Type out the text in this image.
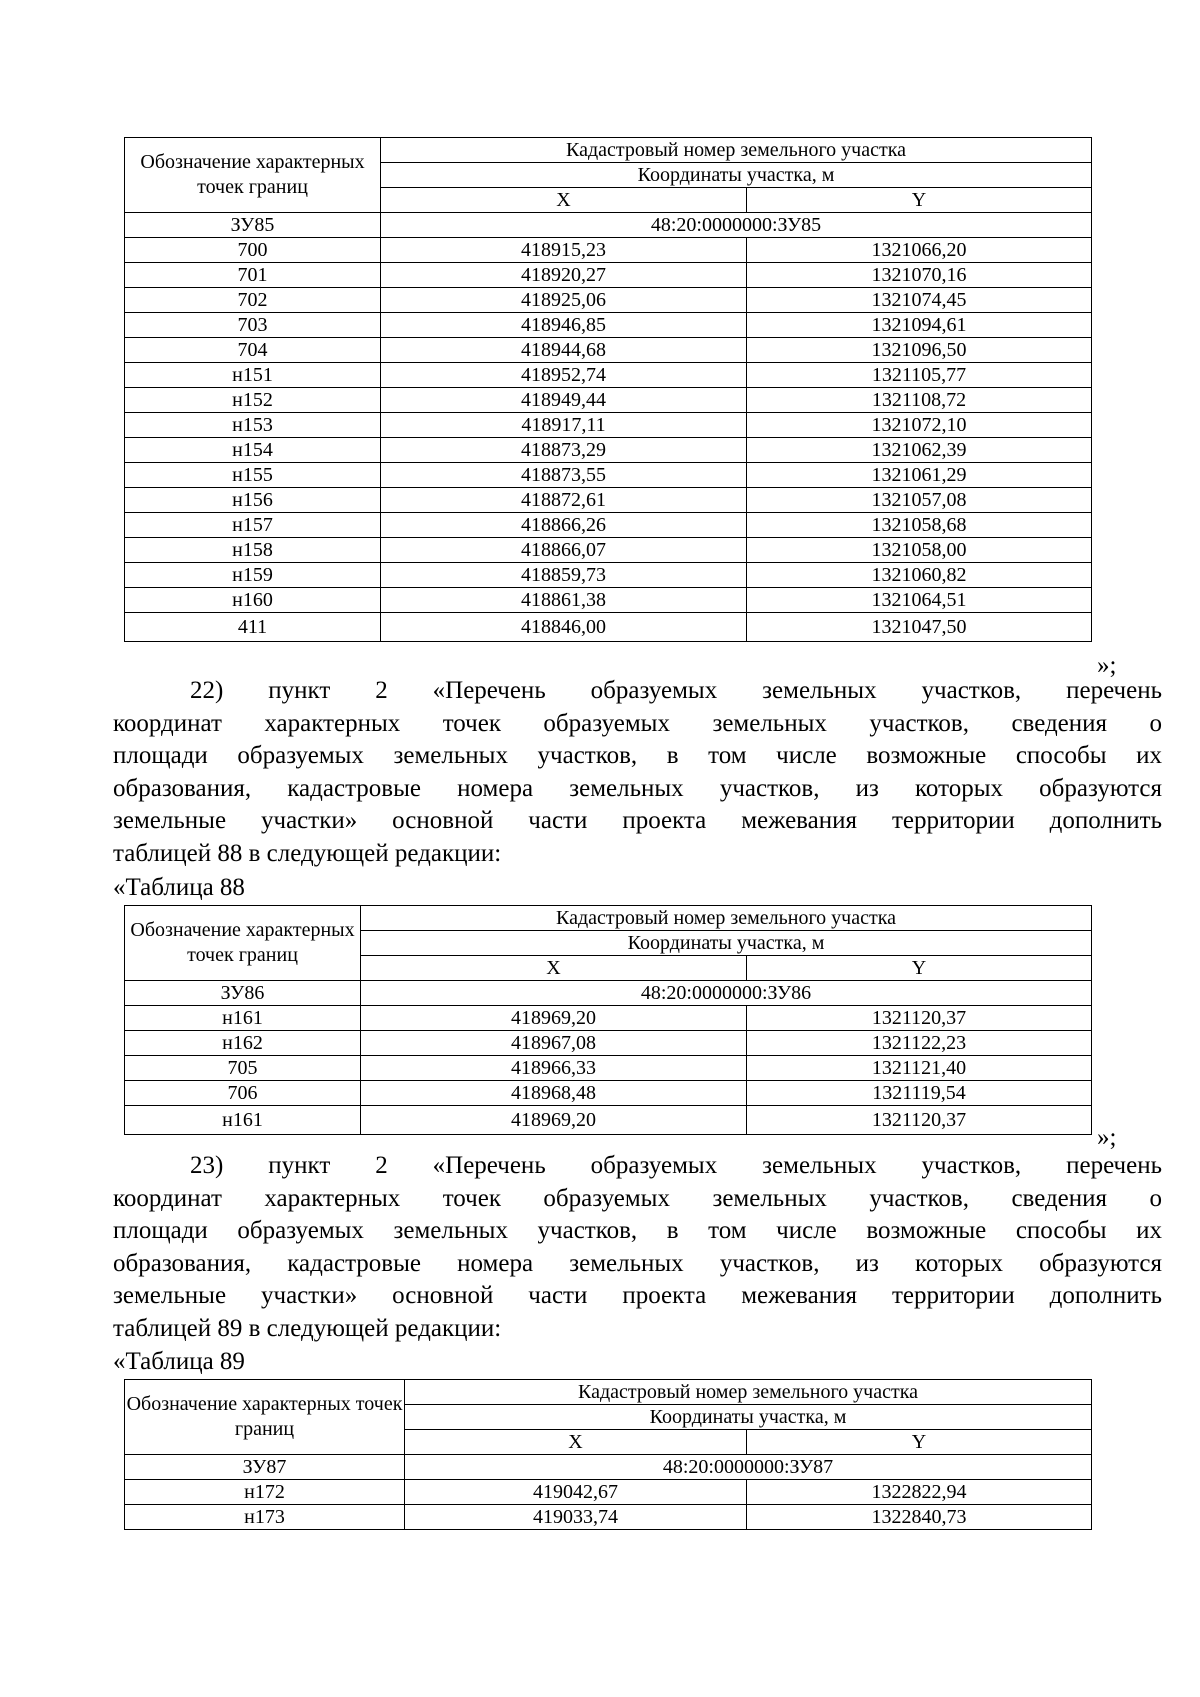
Обозначение характерных точек границ	Кадастровый номер земельного участка	
	Координаты участка, м	
	X	Y
ЗУ85	48:20:0000000:ЗУ85	
700	418915,23	1321066,20
701	418920,27	1321070,16
702	418925,06	1321074,45
703	418946,85	1321094,61
704	418944,68	1321096,50
н151	418952,74	1321105,77
н152	418949,44	1321108,72
н153	418917,11	1321072,10
н154	418873,29	1321062,39
н155	418873,55	1321061,29
н156	418872,61	1321057,08
н157	418866,26	1321058,68
н158	418866,07	1321058,00
н159	418859,73	1321060,82
н160	418861,38	1321064,51
411	418846,00	1321047,50
»;
22) пункт 2 «Перечень образуемых земельных участков, перечень
координат характерных точек образуемых земельных участков, сведения о
площади образуемых земельных участков, в том числе возможные способы их
образования, кадастровые номера земельных участков, из которых образуются
земельные участки» основной части проекта межевания территории дополнить
таблицей 88 в следующей редакции:
«Таблица 88
Обозначение характерных точек границ	Кадастровый номер земельного участка	
	Координаты участка, м	
	X	Y
ЗУ86	48:20:0000000:ЗУ86	
н161	418969,20	1321120,37
н162	418967,08	1321122,23
705	418966,33	1321121,40
706	418968,48	1321119,54
н161	418969,20	1321120,37
»;
23) пункт 2 «Перечень образуемых земельных участков, перечень
координат характерных точек образуемых земельных участков, сведения о
площади образуемых земельных участков, в том числе возможные способы их
образования, кадастровые номера земельных участков, из которых образуются
земельные участки» основной части проекта межевания территории дополнить
таблицей 89 в следующей редакции:
«Таблица 89
Обозначение характерных точек границ	Кадастровый номер земельного участка	
	Координаты участка, м	
	X	Y
ЗУ87	48:20:0000000:ЗУ87	
н172	419042,67	1322822,94
н173	419033,74	1322840,73
